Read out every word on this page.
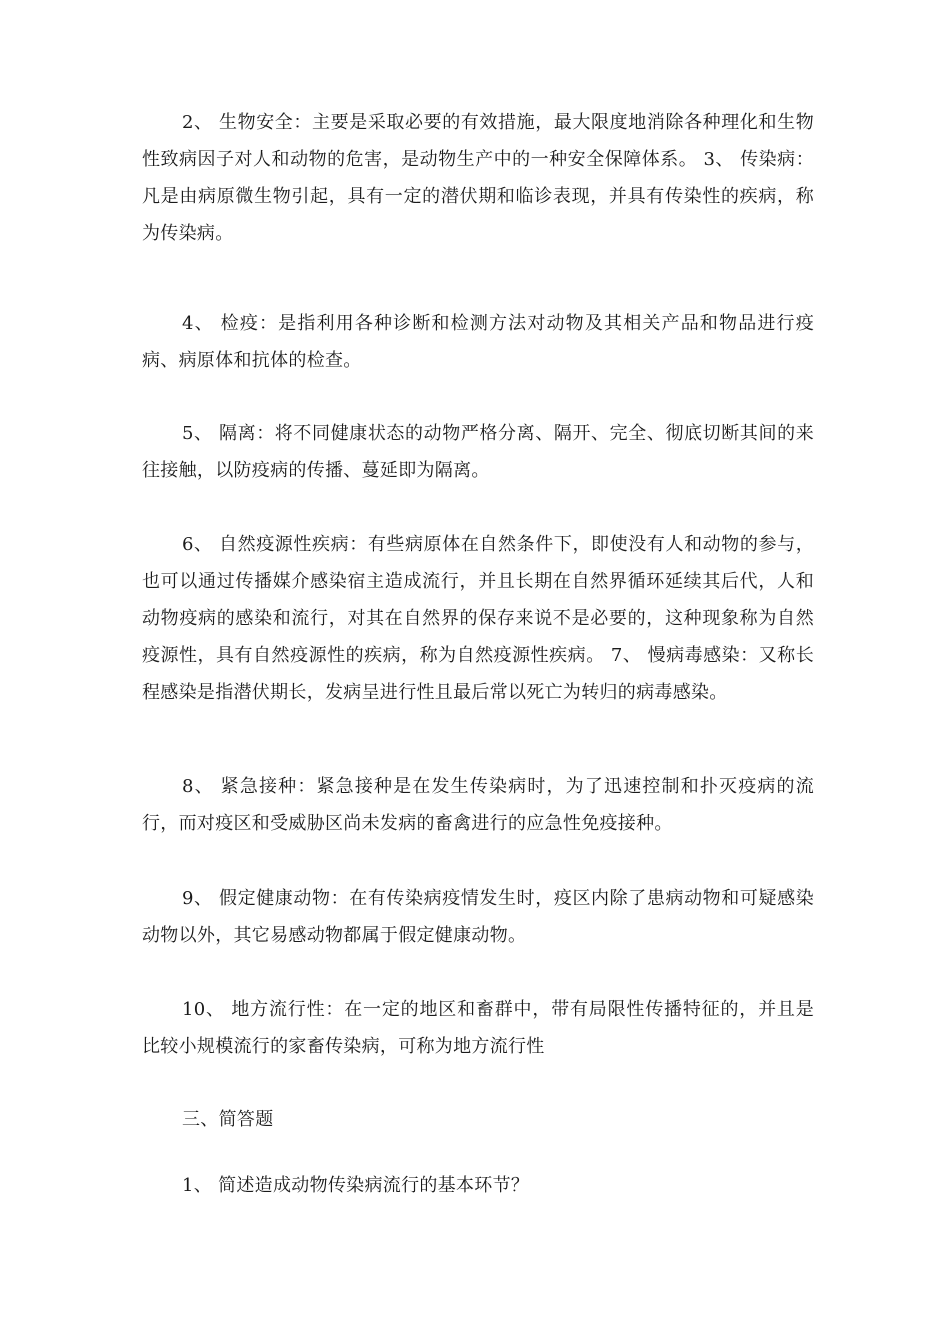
2、 生物安全：主要是采取必要的有效措施，最大限度地消除各种理化和生物性致病因子对人和动物的危害，是动物生产中的一种安全保障体系。 3、 传染病：凡是由病原微生物引起，具有一定的潜伏期和临诊表现，并具有传染性的疾病，称为传染病。

4、 检疫：是指利用各种诊断和检测方法对动物及其相关产品和物品进行疫病、病原体和抗体的检查。

5、 隔离：将不同健康状态的动物严格分离、隔开、完全、彻底切断其间的来往接触，以防疫病的传播、蔓延即为隔离。

6、 自然疫源性疾病：有些病原体在自然条件下，即使没有人和动物的参与，也可以通过传播媒介感染宿主造成流行，并且长期在自然界循环延续其后代，人和动物疫病的感染和流行，对其在自然界的保存来说不是必要的，这种现象称为自然疫源性，具有自然疫源性的疾病，称为自然疫源性疾病。 7、 慢病毒感染：又称长程感染是指潜伏期长，发病呈进行性且最后常以死亡为转归的病毒感染。

8、 紧急接种：紧急接种是在发生传染病时，为了迅速控制和扑灭疫病的流行，而对疫区和受威胁区尚未发病的畜禽进行的应急性免疫接种。

9、 假定健康动物：在有传染病疫情发生时，疫区内除了患病动物和可疑感染动物以外，其它易感动物都属于假定健康动物。

10、 地方流行性：在一定的地区和畜群中，带有局限性传播特征的，并且是比较小规模流行的家畜传染病，可称为地方流行性

三、简答题

1、 简述造成动物传染病流行的基本环节？
